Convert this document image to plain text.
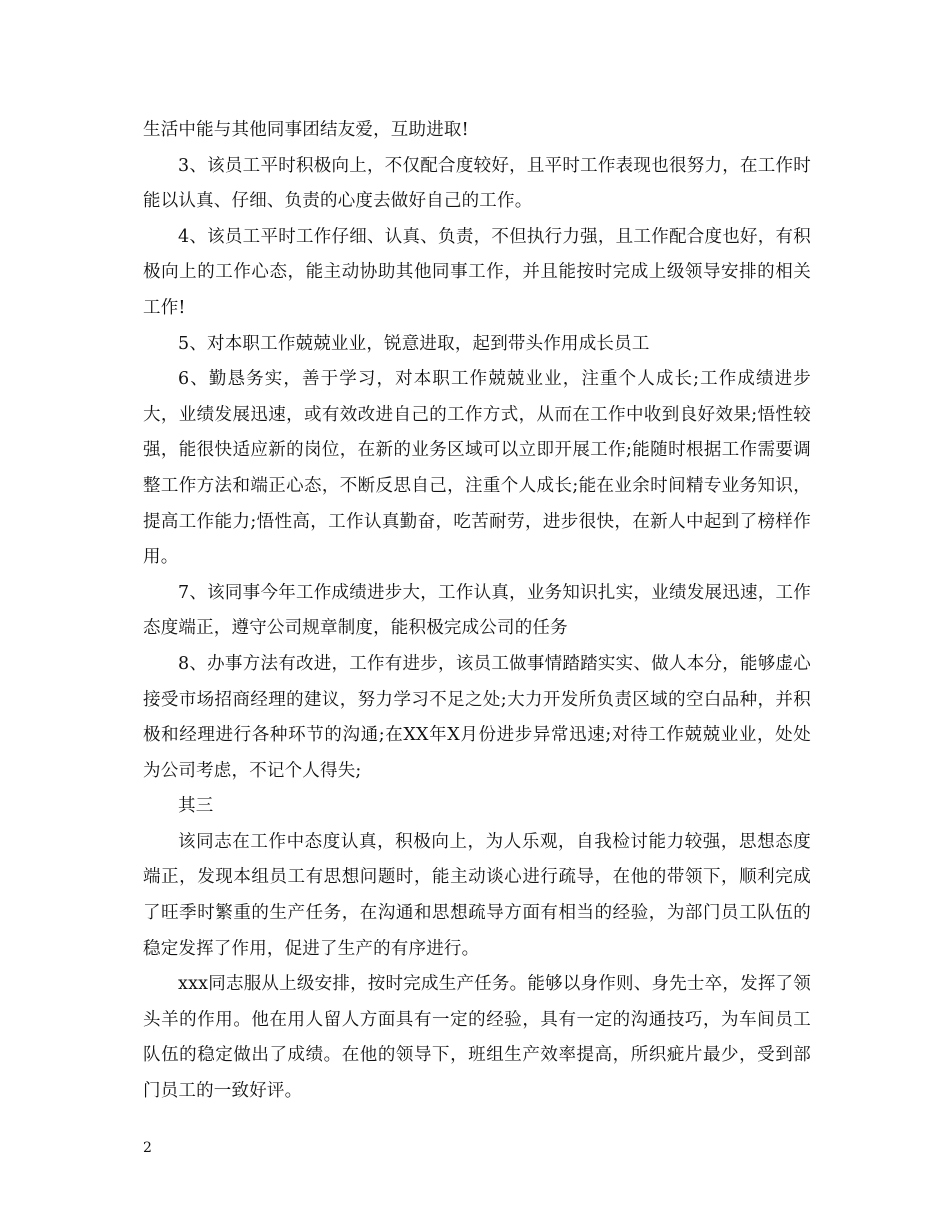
生活中能与其他同事团结友爱，互助进取!

3、该员工平时积极向上，不仅配合度较好，且平时工作表现也很努力，在工作时能以认真、仔细、负责的心度去做好自己的工作。

4、该员工平时工作仔细、认真、负责，不但执行力强，且工作配合度也好，有积极向上的工作心态，能主动协助其他同事工作，并且能按时完成上级领导安排的相关工作!

5、对本职工作兢兢业业，锐意进取，起到带头作用成长员工

6、勤恳务实，善于学习，对本职工作兢兢业业，注重个人成长;工作成绩进步大，业绩发展迅速，或有效改进自己的工作方式，从而在工作中收到良好效果;悟性较强，能很快适应新的岗位，在新的业务区域可以立即开展工作;能随时根据工作需要调整工作方法和端正心态，不断反思自己，注重个人成长;能在业余时间精专业务知识，提高工作能力;悟性高，工作认真勤奋，吃苦耐劳，进步很快，在新人中起到了榜样作用。

7、该同事今年工作成绩进步大，工作认真，业务知识扎实，业绩发展迅速，工作态度端正，遵守公司规章制度，能积极完成公司的任务

8、办事方法有改进，工作有进步，该员工做事情踏踏实实、做人本分，能够虚心接受市场招商经理的建议，努力学习不足之处;大力开发所负责区域的空白品种，并积极和经理进行各种环节的沟通;在XX年X月份进步异常迅速;对待工作兢兢业业，处处为公司考虑，不记个人得失;

其三

该同志在工作中态度认真，积极向上，为人乐观，自我检讨能力较强，思想态度端正，发现本组员工有思想问题时，能主动谈心进行疏导，在他的带领下，顺利完成了旺季时繁重的生产任务，在沟通和思想疏导方面有相当的经验，为部门员工队伍的稳定发挥了作用，促进了生产的有序进行。

xxx同志服从上级安排，按时完成生产任务。能够以身作则、身先士卒，发挥了领头羊的作用。他在用人留人方面具有一定的经验，具有一定的沟通技巧，为车间员工队伍的稳定做出了成绩。在他的领导下，班组生产效率提高，所织疵片最少，受到部门员工的一致好评。

2
